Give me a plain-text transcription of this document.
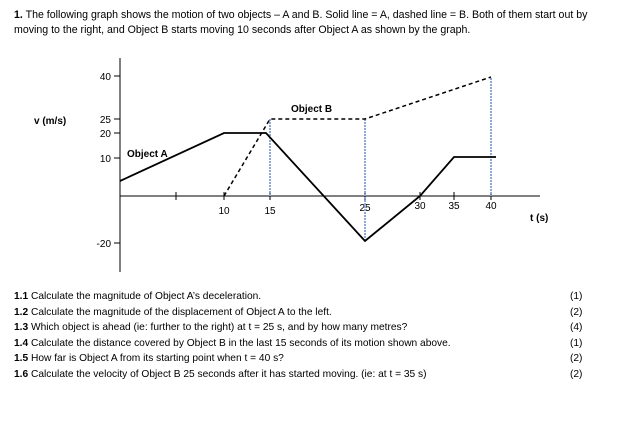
1. The following graph shows the motion of two objects – A and B. Solid line = A, dashed line = B. Both of them start out by moving to the right, and Object B starts moving 10 seconds after Object A as shown by the graph.
40
25
20
10
-20
v (m/s)
t (s)
10	15	25	30 35	40
Object A
Object B
1.1 Calculate the magnitude of Object A’s deceleration.	(1)
1.2 Calculate the magnitude of the displacement of Object A to the left.	(2)
1.3 Which object is ahead (ie: further to the right) at t = 25 s, and by how many metres?	(4)
1.4 Calculate the distance covered by Object B in the last 15 seconds of its motion shown above.	(1)
1.5 How far is Object A from its starting point when t = 40 s?	(2)
1.6 Calculate the velocity of Object B 25 seconds after it has started moving. (ie: at t = 35 s)	(2)
